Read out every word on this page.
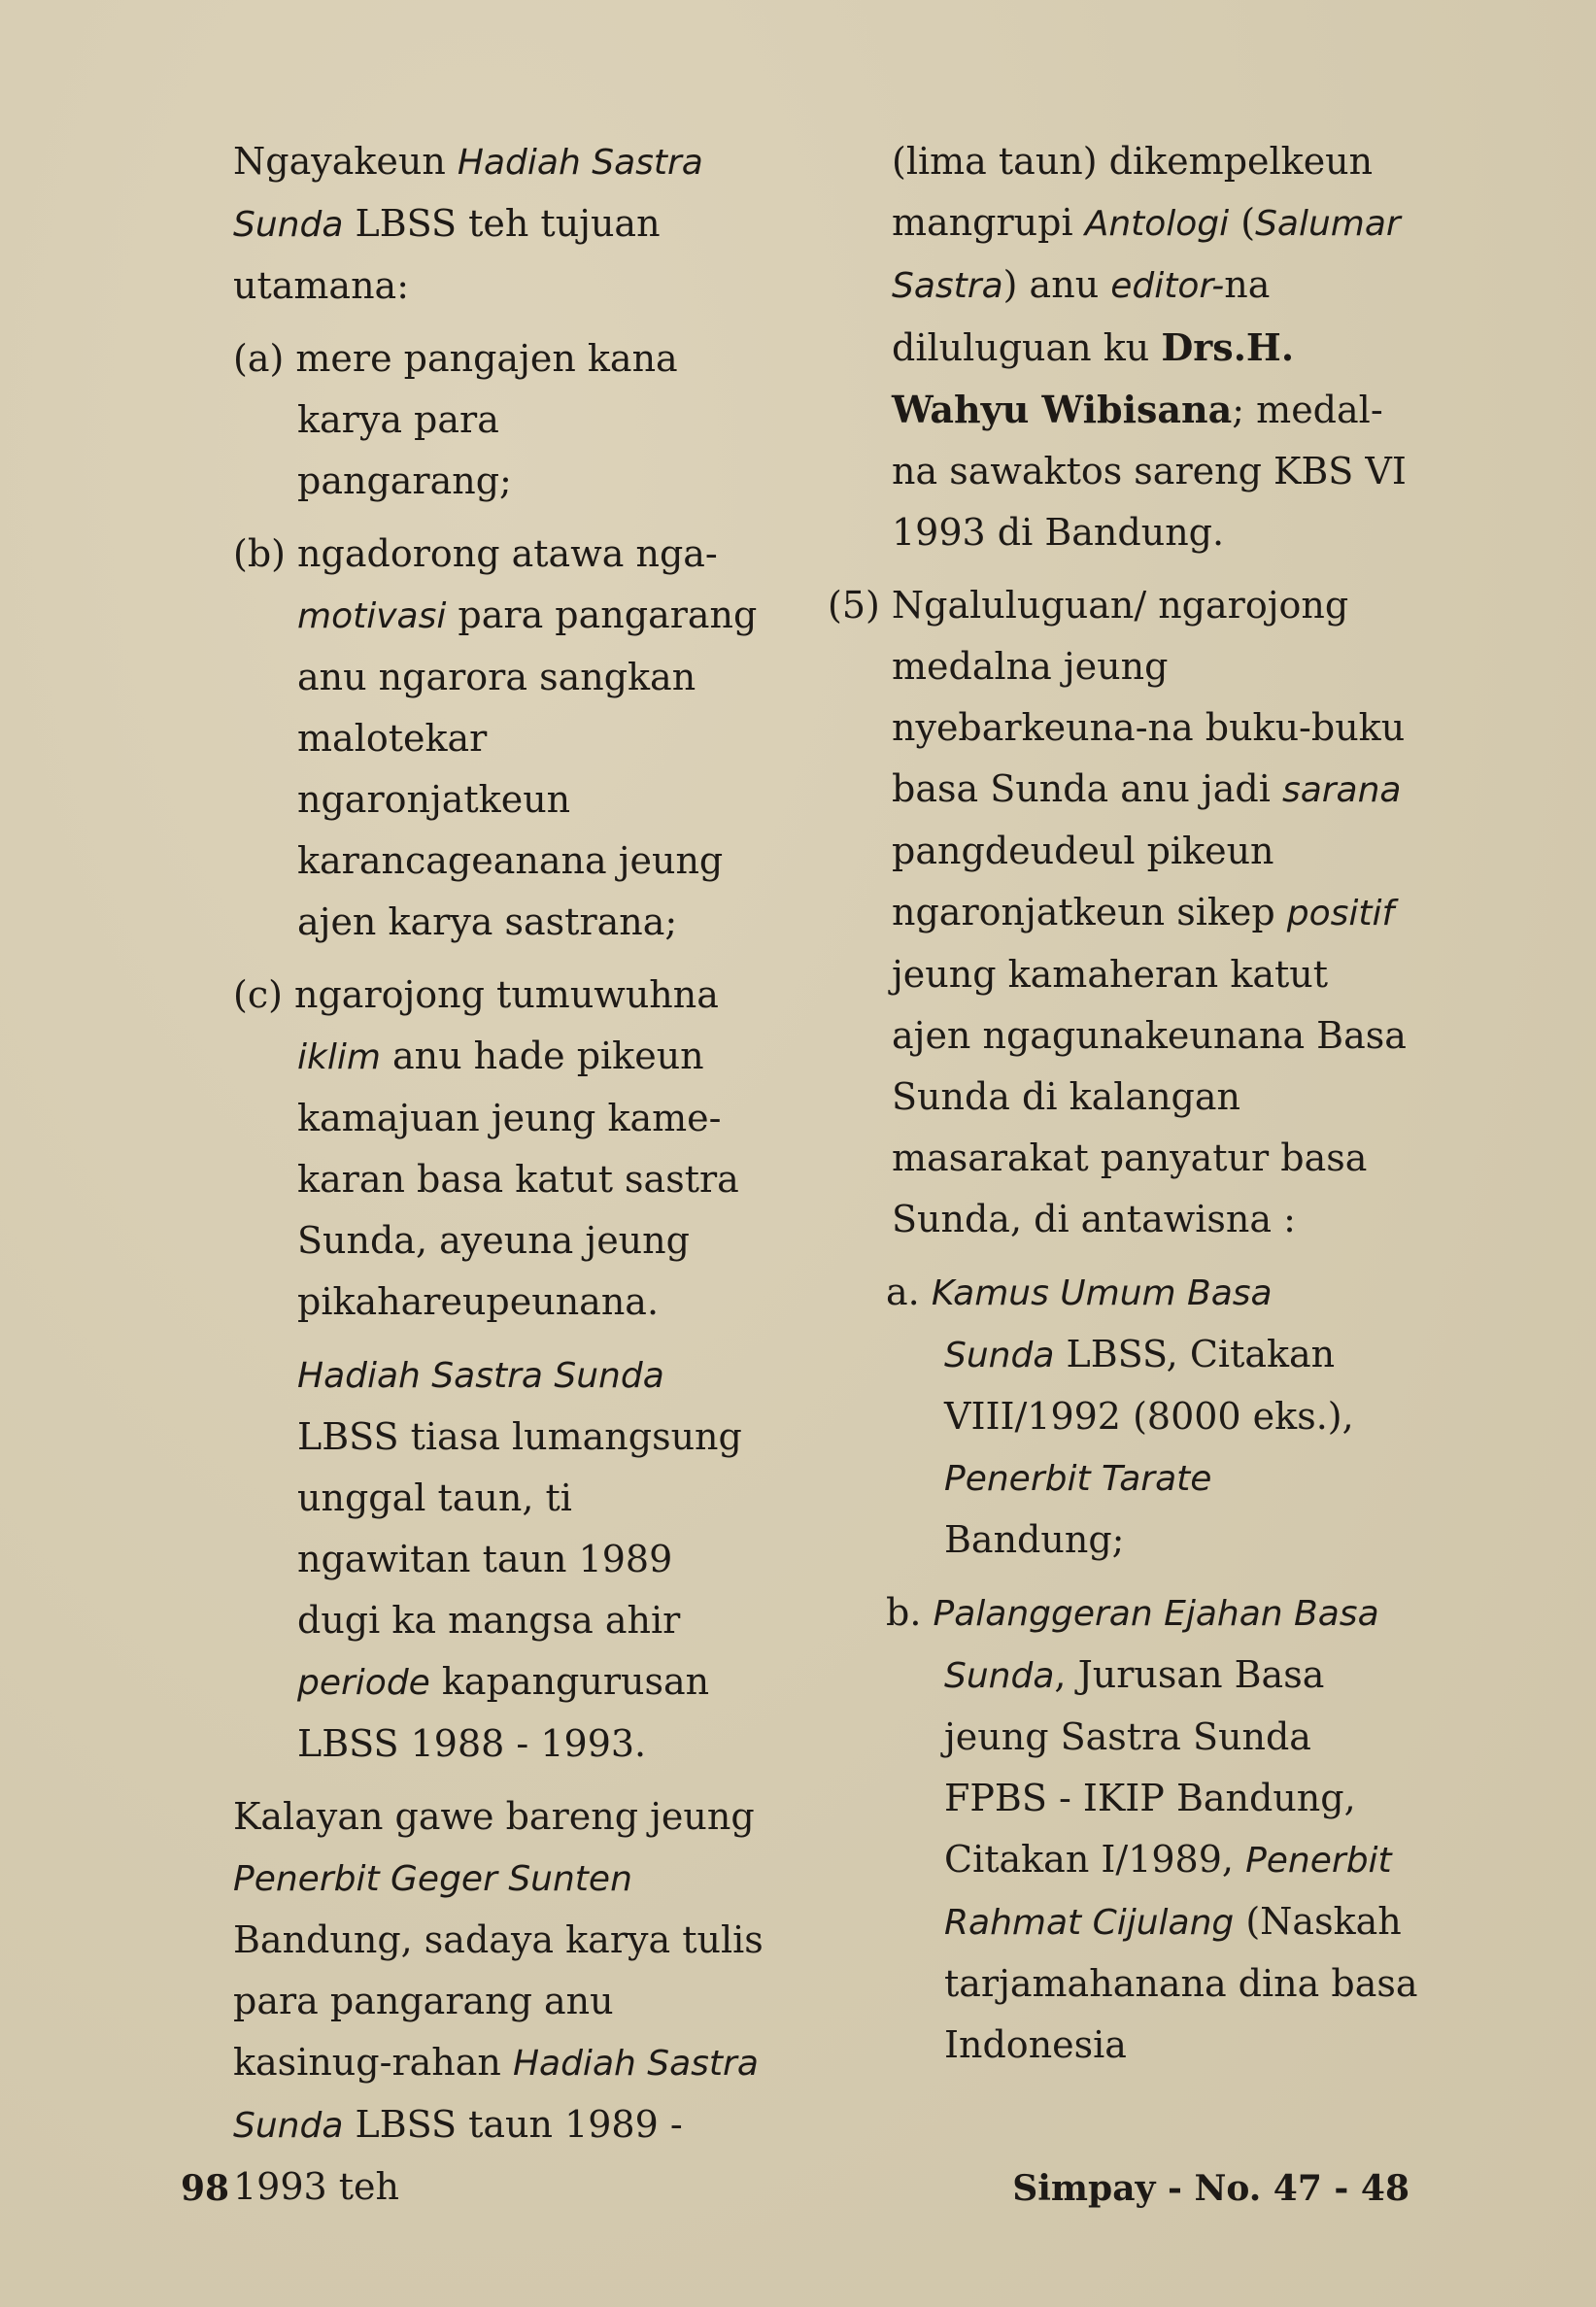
Ngayakeun Hadiah Sastra Sunda LBSS teh tujuan utamana:

(a) mere pangajen kana karya para pangarang;

(b) ngadorong atawa nga-motivasi para pangarang anu ngarora sangkan malotekar ngaronjatkeun karancageanana jeung ajen karya sastrana;

(c) ngarojong tumuwuhna iklim anu hade pikeun kamajuan jeung kame-karan basa katut sastra Sunda, ayeuna jeung pikahareupeunana.

Hadiah Sastra Sunda LBSS tiasa lumangsung unggal taun, ti ngawitan taun 1989 dugi ka mangsa ahir periode kapangurusan LBSS 1988 - 1993.

Kalayan gawe bareng jeung Penerbit Geger Sunten Bandung, sadaya karya tulis para pangarang anu kasinug-rahan Hadiah Sastra Sunda LBSS taun 1989 - 1993 teh

(lima taun) dikempelkeun mangrupi Antologi (Salumar Sastra) anu editor-na diluluguan ku Drs.H. Wahyu Wibisana; medal-na sawaktos sareng KBS VI 1993 di Bandung.

(5) Ngaluluguan/ ngarojong medalna jeung nyebarkeuna-na buku-buku basa Sunda anu jadi sarana pangdeudeul pikeun ngaronjatkeun sikep positif jeung kamaheran katut ajen ngagunakeunana Basa Sunda di kalangan masarakat panyatur basa Sunda, di antawisna :

a. Kamus Umum Basa Sunda LBSS, Citakan VIII/1992 (8000 eks.), Penerbit Tarate Bandung;

b. Palanggeran Ejahan Basa Sunda, Jurusan Basa jeung Sastra Sunda FPBS - IKIP Bandung, Citakan I/1989, Penerbit Rahmat Cijulang (Naskah tarjamahanana dina basa Indonesia

98	Simpay - No. 47 - 48
